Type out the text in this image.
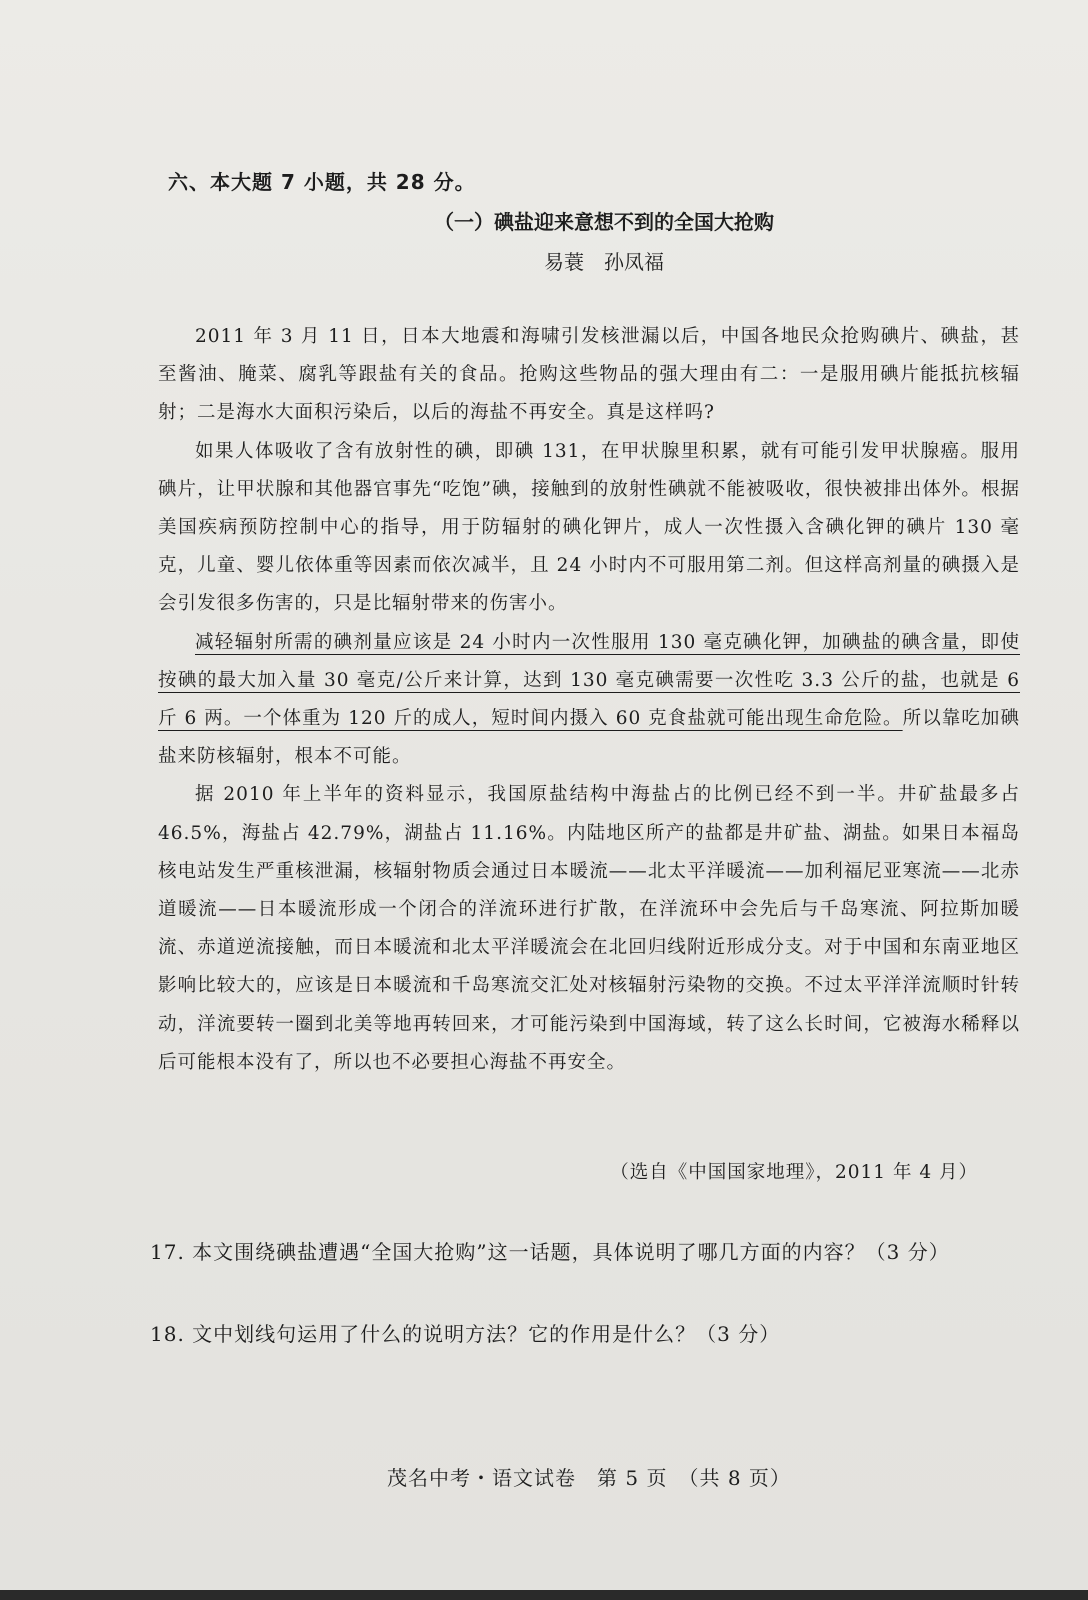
六、本大题 7 小题，共 28 分。
（一）碘盐迎来意想不到的全国大抢购
易蓑　孙凤福

2011 年 3 月 11 日，日本大地震和海啸引发核泄漏以后，中国各地民众抢购碘片、碘盐，甚至酱油、腌菜、腐乳等跟盐有关的食品。抢购这些物品的强大理由有二：一是服用碘片能抵抗核辐射；二是海水大面积污染后，以后的海盐不再安全。真是这样吗?

如果人体吸收了含有放射性的碘，即碘 131，在甲状腺里积累，就有可能引发甲状腺癌。服用碘片，让甲状腺和其他器官事先“吃饱”碘，接触到的放射性碘就不能被吸收，很快被排出体外。根据美国疾病预防控制中心的指导，用于防辐射的碘化钾片，成人一次性摄入含碘化钾的碘片 130 毫克，儿童、婴儿依体重等因素而依次减半，且 24 小时内不可服用第二剂。但这样高剂量的碘摄入是会引发很多伤害的，只是比辐射带来的伤害小。

减轻辐射所需的碘剂量应该是 24 小时内一次性服用 130 毫克碘化钾，加碘盐的碘含量，即使按碘的最大加入量 30 毫克/公斤来计算，达到 130 毫克碘需要一次性吃 3.3 公斤的盐，也就是 6 斤 6 两。一个体重为 120 斤的成人，短时间内摄入 60 克食盐就可能出现生命危险。所以靠吃加碘盐来防核辐射，根本不可能。

据 2010 年上半年的资料显示，我国原盐结构中海盐占的比例已经不到一半。井矿盐最多占 46.5%，海盐占 42.79%，湖盐占 11.16%。内陆地区所产的盐都是井矿盐、湖盐。如果日本福岛核电站发生严重核泄漏，核辐射物质会通过日本暖流——北太平洋暖流——加利福尼亚寒流——北赤道暖流——日本暖流形成一个闭合的洋流环进行扩散，在洋流环中会先后与千岛寒流、阿拉斯加暖流、赤道逆流接触，而日本暖流和北太平洋暖流会在北回归线附近形成分支。对于中国和东南亚地区影响比较大的，应该是日本暖流和千岛寒流交汇处对核辐射污染物的交换。不过太平洋洋流顺时针转动，洋流要转一圈到北美等地再转回来，才可能污染到中国海域，转了这么长时间，它被海水稀释以后可能根本没有了，所以也不必要担心海盐不再安全。

（选自《中国国家地理》，2011 年 4 月）
17. 本文围绕碘盐遭遇“全国大抢购”这一话题，具体说明了哪几方面的内容？（3 分）
18. 文中划线句运用了什么的说明方法？它的作用是什么？（3 分）
茂名中考・语文试卷　第 5 页　（共 8 页）
